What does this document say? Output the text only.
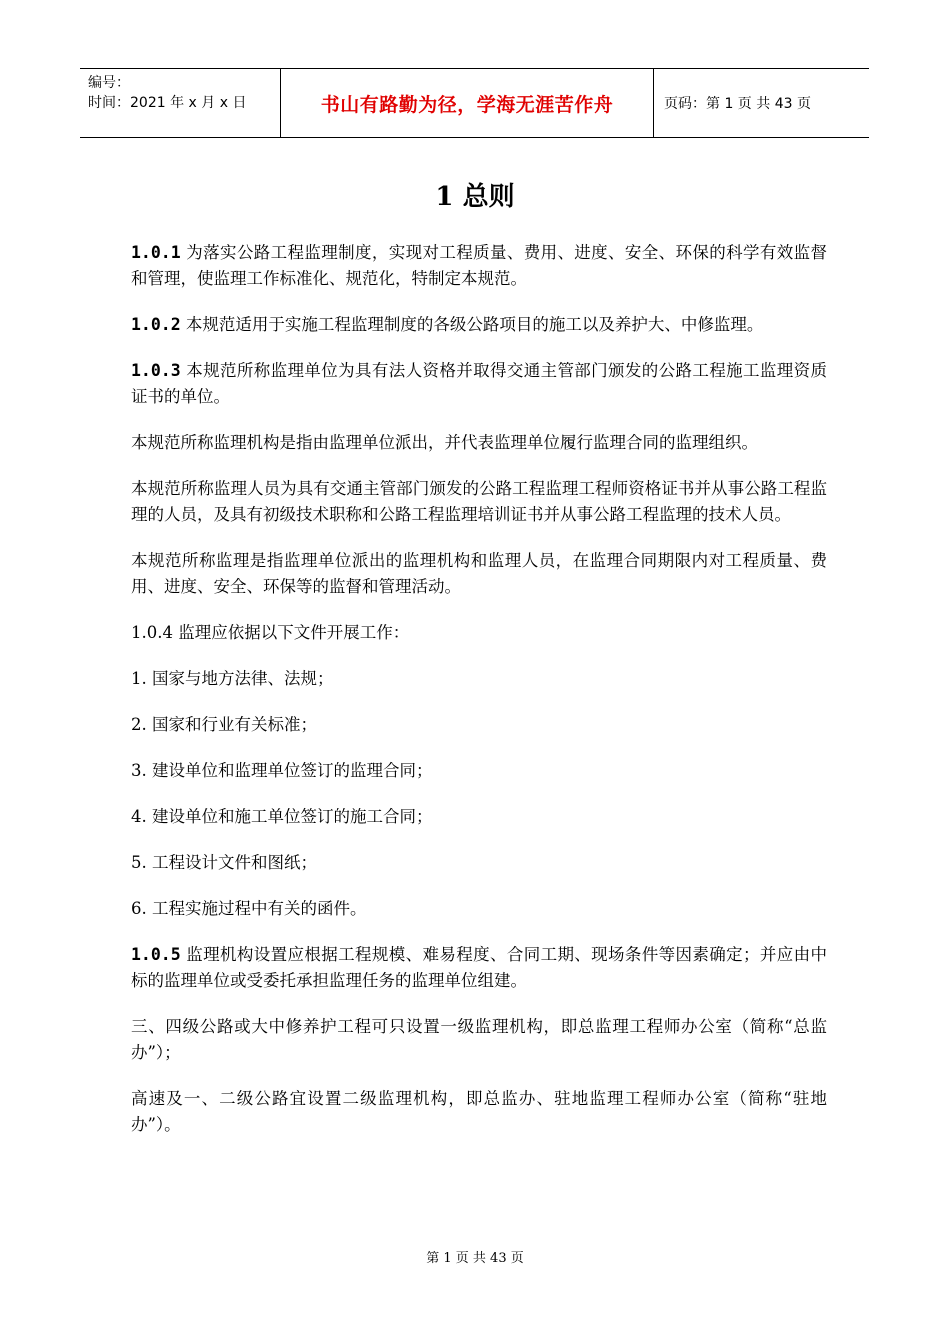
编号：
时间：2021 年 x 月 x 日	书山有路勤为径，学海无涯苦作舟	页码：第 1 页 共 43 页
1 总则

1.0.1 为落实公路工程监理制度，实现对工程质量、费用、进度、安全、环保的科学有效监督和管理，使监理工作标准化、规范化，特制定本规范。

1.0.2 本规范适用于实施工程监理制度的各级公路项目的施工以及养护大、中修监理。

1.0.3 本规范所称监理单位为具有法人资格并取得交通主管部门颁发的公路工程施工监理资质证书的单位。

本规范所称监理机构是指由监理单位派出，并代表监理单位履行监理合同的监理组织。

本规范所称监理人员为具有交通主管部门颁发的公路工程监理工程师资格证书并从事公路工程监理的人员，及具有初级技术职称和公路工程监理培训证书并从事公路工程监理的技术人员。

本规范所称监理是指监理单位派出的监理机构和监理人员，在监理合同期限内对工程质量、费用、进度、安全、环保等的监督和管理活动。

1.0.4 监理应依据以下文件开展工作：

1. 国家与地方法律、法规；

2. 国家和行业有关标准；

3. 建设单位和监理单位签订的监理合同；

4. 建设单位和施工单位签订的施工合同；

5. 工程设计文件和图纸；

6. 工程实施过程中有关的函件。

1.0.5 监理机构设置应根据工程规模、难易程度、合同工期、现场条件等因素确定；并应由中标的监理单位或受委托承担监理任务的监理单位组建。

三、四级公路或大中修养护工程可只设置一级监理机构，即总监理工程师办公室（简称“总监办”）；

高速及一、二级公路宜设置二级监理机构，即总监办、驻地监理工程师办公室（简称“驻地办”）。

第 1 页 共 43 页
